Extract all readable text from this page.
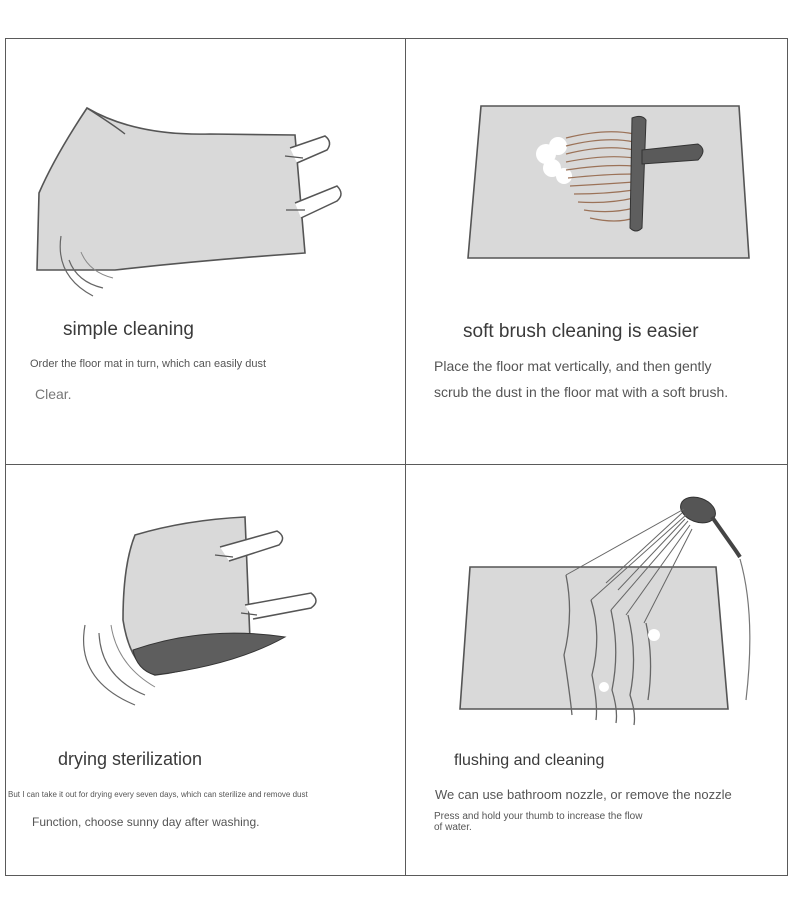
simple cleaning
Order the floor mat in turn, which can easily dust
Clear.
soft brush cleaning is easier
Place the floor mat vertically, and then gently
scrub the dust in the floor mat with a soft brush.
drying sterilization
But I can take it out for drying every seven days, which can sterilize and remove dust
Function, choose sunny day after washing.
flushing and cleaning
We can use bathroom nozzle, or remove the nozzle
Press and hold your thumb to increase the flow
of water.
